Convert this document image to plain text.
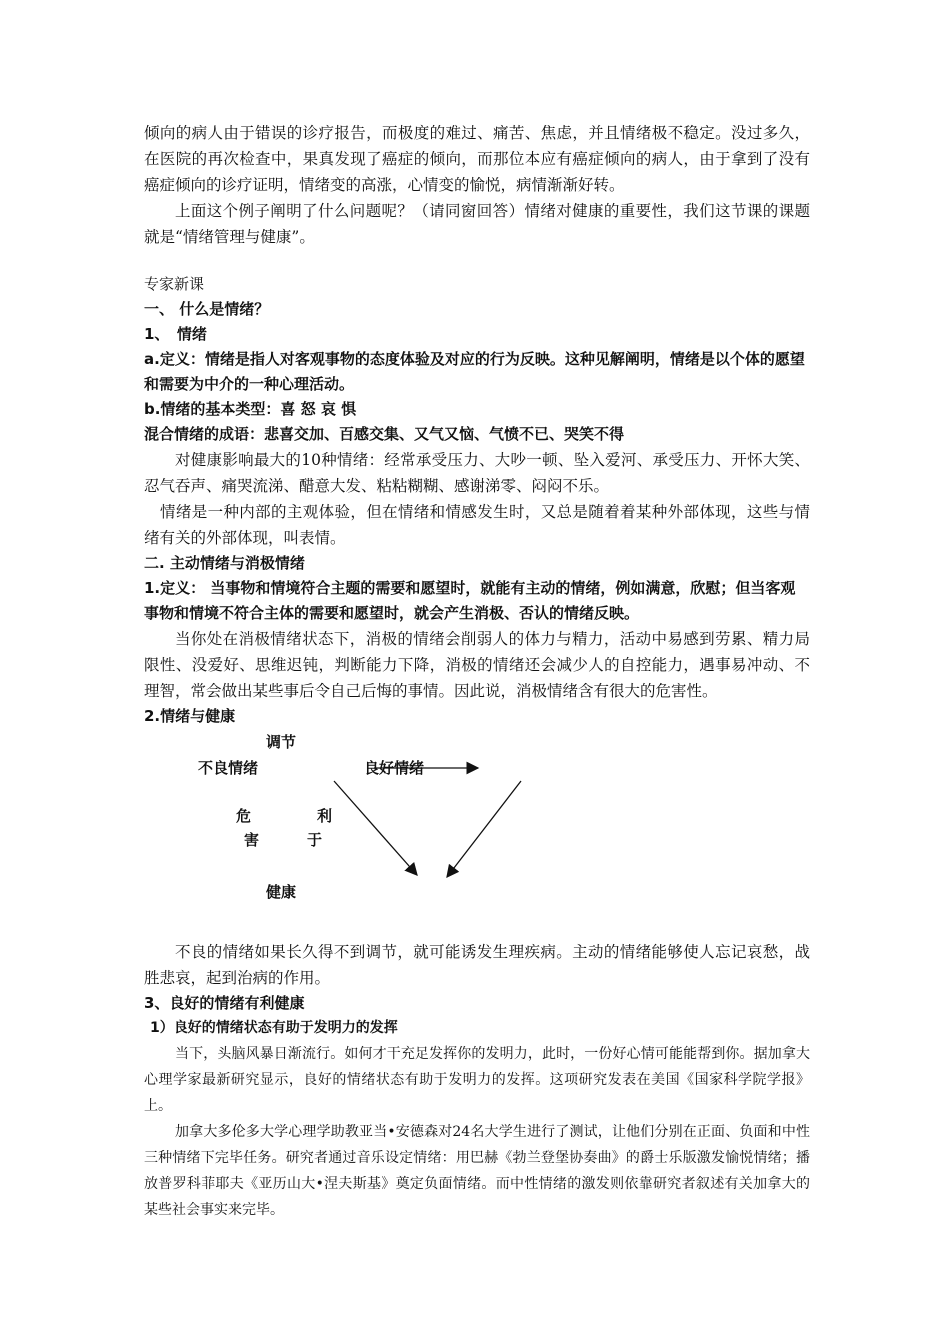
倾向的病人由于错误的诊疗报告，而极度的难过、痛苦、焦虑，并且情绪极不稳定。没过多久，在医院的再次检查中，果真发现了癌症的倾向，而那位本应有癌症倾向的病人，由于拿到了没有癌症倾向的诊疗证明，情绪变的高涨，心情变的愉悦，病情渐渐好转。

上面这个例子阐明了什么问题呢？（请同窗回答）情绪对健康的重要性，我们这节课的课题就是“情绪管理与健康”。

专家新课

一、 什么是情绪？

1、　情绪

a.定义：情绪是指人对客观事物的态度体验及对应的行为反映。这种见解阐明，情绪是以个体的愿望和需要为中介的一种心理活动。

b.情绪的基本类型：喜 怒 哀 惧

混合情绪的成语：悲喜交加、百感交集、又气又恼、气愤不已、哭笑不得

对健康影响最大的10种情绪：经常承受压力、大吵一顿、坠入爱河、承受压力、开怀大笑、忍气吞声、痛哭流涕、醋意大发、粘粘糊糊、感谢涕零、闷闷不乐。

情绪是一种内部的主观体验，但在情绪和情感发生时，又总是随着着某种外部体现，这些与情绪有关的外部体现，叫表情。

二. 主动情绪与消极情绪

1.定义： 当事物和情境符合主题的需要和愿望时，就能有主动的情绪，例如满意，欣慰；但当客观事物和情境不符合主体的需要和愿望时，就会产生消极、否认的情绪反映。

当你处在消极情绪状态下，消极的情绪会削弱人的体力与精力，活动中易感到劳累、精力局限性、没爱好、思维迟钝，判断能力下降，消极的情绪还会减少人的自控能力，遇事易冲动、不理智，常会做出某些事后令自己后悔的事情。因此说，消极情绪含有很大的危害性。

2.情绪与健康

调节
不良情绪	良好情绪
危
害
利
于
健康

不良的情绪如果长久得不到调节，就可能诱发生理疾病。主动的情绪能够使人忘记哀愁，战胜悲哀，起到治病的作用。

3、良好的情绪有利健康

1）良好的情绪状态有助于发明力的发挥

当下，头脑风暴日渐流行。如何才干充足发挥你的发明力，此时，一份好心情可能能帮到你。据加拿大心理学家最新研究显示，良好的情绪状态有助于发明力的发挥。这项研究发表在美国《国家科学院学报》上。

加拿大多伦多大学心理学助教亚当•安德森对24名大学生进行了测试，让他们分别在正面、负面和中性三种情绪下完毕任务。研究者通过音乐设定情绪：用巴赫《勃兰登堡协奏曲》的爵士乐版激发愉悦情绪；播放普罗科菲耶夫《亚历山大•涅夫斯基》奠定负面情绪。而中性情绪的激发则依靠研究者叙述有关加拿大的某些社会事实来完毕。
